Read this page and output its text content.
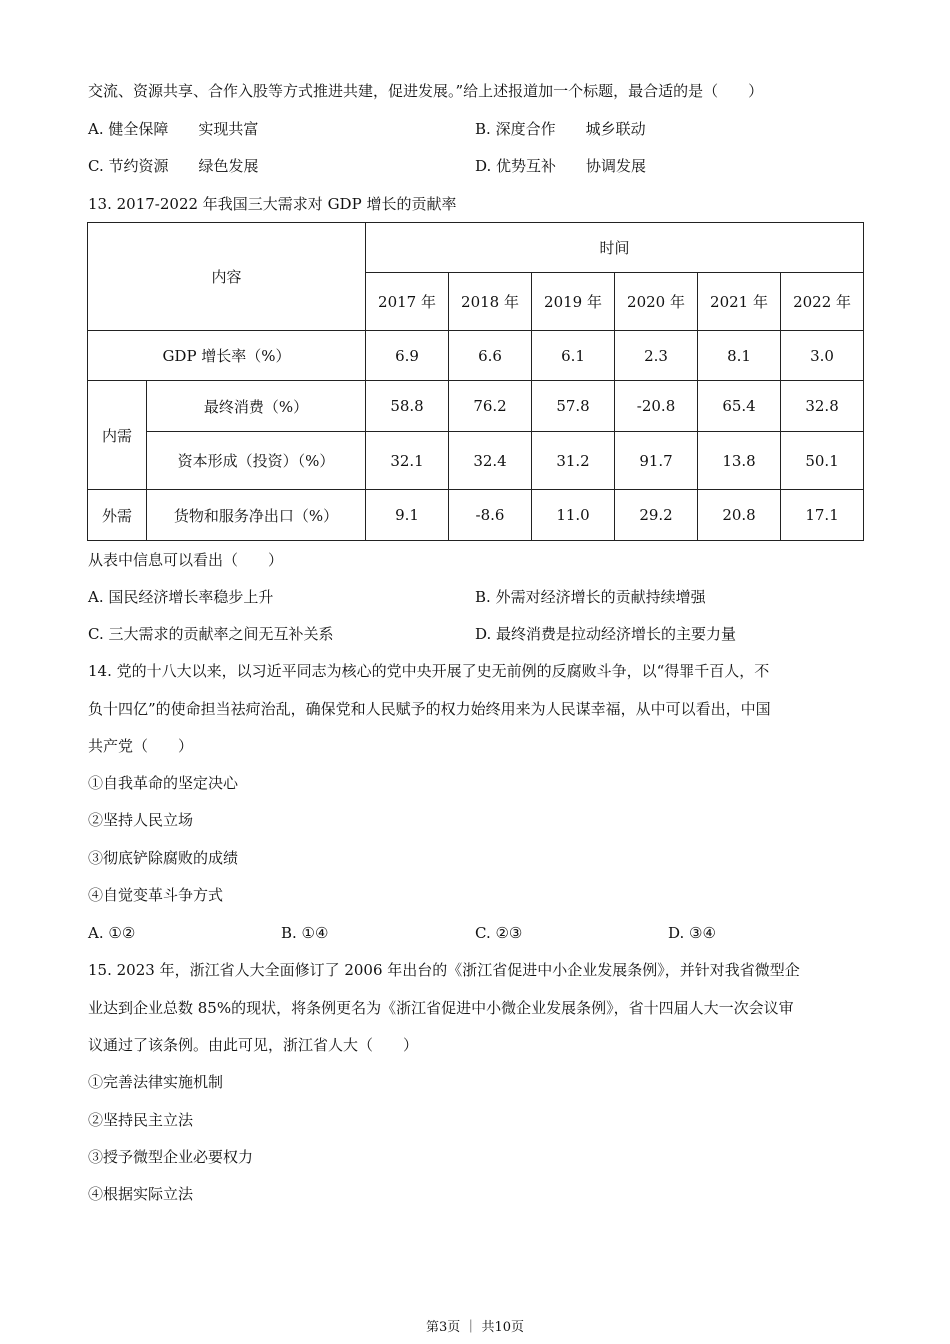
交流、资源共享、合作入股等方式推进共建，促进发展。”给上述报道加一个标题，最合适的是（　　）
A. 健全保障　　实现共富	B. 深度合作　　城乡联动
C. 节约资源　　绿色发展	D. 优势互补　　协调发展
13. 2017-2022 年我国三大需求对 GDP 增长的贡献率
内容		时间					
		2017 年	2018 年	2019 年	2020 年	2021 年	2022 年
GDP 增长率（%）		6.9	6.6	6.1	2.3	8.1	3.0
内需	最终消费（%）	58.8	76.2	57.8	-20.8	65.4	32.8
	资本形成（投资）（%）	32.1	32.4	31.2	91.7	13.8	50.1
外需	货物和服务净出口（%）	9.1	-8.6	11.0	29.2	20.8	17.1
从表中信息可以看出（　　）
A. 国民经济增长率稳步上升	B. 外需对经济增长的贡献持续增强
C. 三大需求的贡献率之间无互补关系	D. 最终消费是拉动经济增长的主要力量
14. 党的十八大以来，以习近平同志为核心的党中央开展了史无前例的反腐败斗争，以“得罪千百人，不
负十四亿”的使命担当祛疴治乱，确保党和人民赋予的权力始终用来为人民谋幸福，从中可以看出，中国
共产党（　　）
①自我革命的坚定决心
②坚持人民立场
③彻底铲除腐败的成绩
④自觉变革斗争方式
A. ①②	B. ①④	C. ②③	D. ③④
15. 2023 年，浙江省人大全面修订了 2006 年出台的《浙江省促进中小企业发展条例》，并针对我省微型企
业达到企业总数 85%的现状，将条例更名为《浙江省促进中小微企业发展条例》，省十四届人大一次会议审
议通过了该条例。由此可见，浙江省人大（　　）
①完善法律实施机制
②坚持民主立法
③授予微型企业必要权力
④根据实际立法
第3页 ｜ 共10页
